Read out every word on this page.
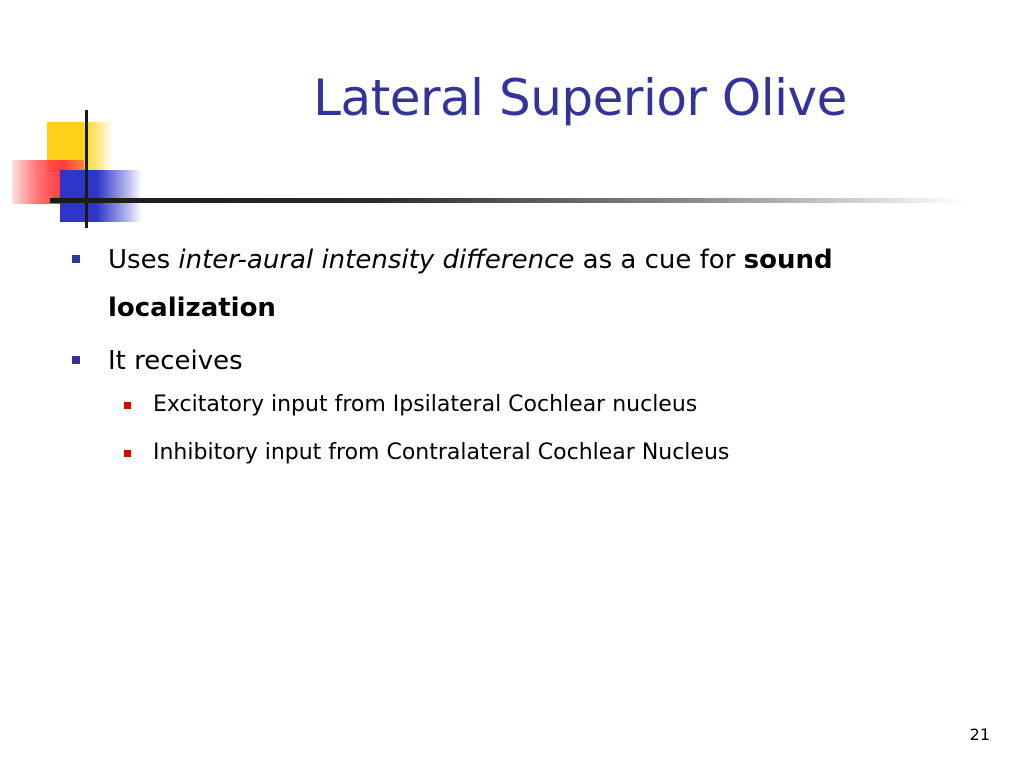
Lateral Superior Olive
Uses inter-aural intensity difference as a cue for sound localization
It receives
Excitatory input from Ipsilateral Cochlear nucleus
Inhibitory input from Contralateral Cochlear Nucleus
21
